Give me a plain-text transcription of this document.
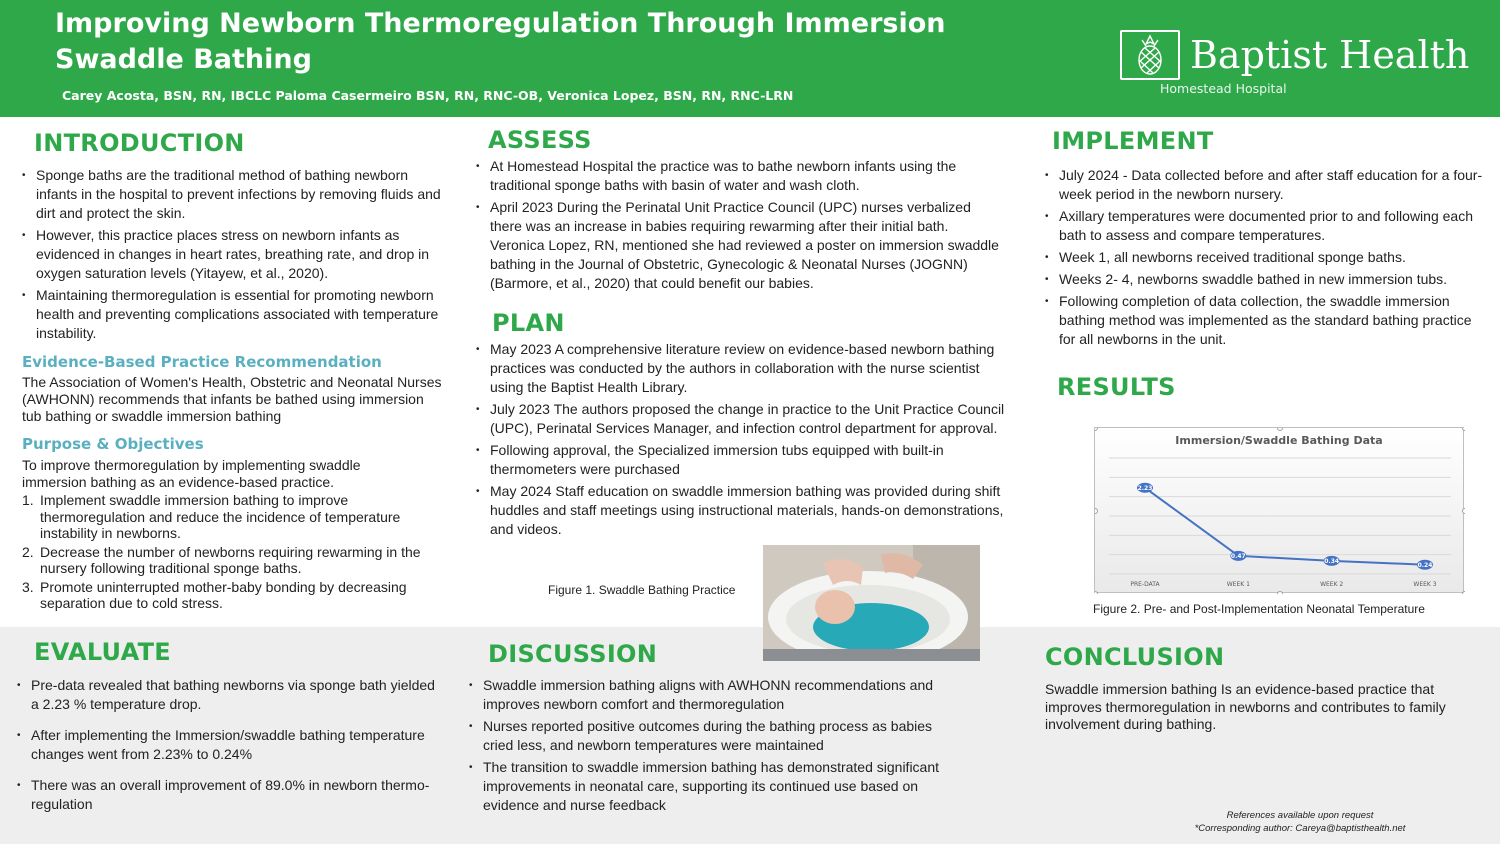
Improving Newborn Thermoregulation Through Immersion Swaddle Bathing
Carey Acosta, BSN, RN, IBCLC Paloma Casermeiro BSN, RN, RNC-OB, Veronica Lopez, BSN, RN, RNC-LRN
Baptist Health
Homestead Hospital
INTRODUCTION
• Sponge baths are the traditional method of bathing newborn infants in the hospital to prevent infections by removing fluids and dirt and protect the skin.
• However, this practice places stress on newborn infants as evidenced in changes in heart rates, breathing rate, and drop in oxygen saturation levels (Yitayew, et al., 2020).
• Maintaining thermoregulation is essential for promoting newborn health and preventing complications associated with temperature instability.
Evidence-Based Practice Recommendation
The Association of Women's Health, Obstetric and Neonatal Nurses (AWHONN) recommends that infants be bathed using immersion tub bathing or swaddle immersion bathing
Purpose & Objectives
To improve thermoregulation by implementing swaddle immersion bathing as an evidence-based practice.
1. Implement swaddle immersion bathing to improve thermoregulation and reduce the incidence of temperature instability in newborns.
2. Decrease the number of newborns requiring rewarming in the nursery following traditional sponge baths.
3. Promote uninterrupted mother-baby bonding by decreasing separation due to cold stress.
ASSESS
• At Homestead Hospital the practice was to bathe newborn infants using the traditional sponge baths with basin of water and wash cloth.
• April 2023 During the Perinatal Unit Practice Council (UPC) nurses verbalized there was an increase in babies requiring rewarming after their initial bath. Veronica Lopez, RN, mentioned she had reviewed a poster on immersion swaddle bathing in the Journal of Obstetric, Gynecologic & Neonatal Nurses (JOGNN) (Barmore, et al., 2020) that could benefit our babies.
PLAN
• May 2023 A comprehensive literature review on evidence-based newborn bathing practices was conducted by the authors in collaboration with the nurse scientist using the Baptist Health Library.
• July 2023 The authors proposed the change in practice to the Unit Practice Council (UPC), Perinatal Services Manager, and infection control department for approval.
• Following approval, the Specialized immersion tubs equipped with built-in thermometers were purchased
• May 2024 Staff education on swaddle immersion bathing was provided during shift huddles and staff meetings using instructional materials, hands-on demonstrations, and videos.
Figure 1. Swaddle Bathing Practice
IMPLEMENT
• July 2024 - Data collected before and after staff education for a four-week period in the newborn nursery.
• Axillary temperatures were documented prior to and following each bath to assess and compare temperatures.
• Week 1, all newborns received traditional sponge baths.
• Weeks 2- 4, newborns swaddle bathed in new immersion tubs.
• Following completion of data collection, the swaddle immersion bathing method was implemented as the standard bathing practice for all newborns in the unit.
RESULTS
Immersion/Swaddle Bathing Data
PRE-DATA	WEEK 1	WEEK 2	WEEK 3
2.23
0.47
0.34
0.24
Figure 2. Pre- and Post-Implementation Neonatal Temperature
EVALUATE
• Pre-data revealed that bathing newborns via sponge bath yielded a 2.23 % temperature drop.
• After implementing the Immersion/swaddle bathing temperature changes went from 2.23% to 0.24%
• There was an overall improvement of 89.0% in newborn thermo-regulation
DISCUSSION
• Swaddle immersion bathing aligns with AWHONN recommendations and improves newborn comfort and thermoregulation
• Nurses reported positive outcomes during the bathing process as babies cried less, and newborn temperatures were maintained
• The transition to swaddle immersion bathing has demonstrated significant improvements in neonatal care, supporting its continued use based on evidence and nurse feedback
CONCLUSION
Swaddle immersion bathing Is an evidence-based practice that improves thermoregulation in newborns and contributes to family involvement during bathing.
References available upon request
*Corresponding author: Careya@baptisthealth.net
